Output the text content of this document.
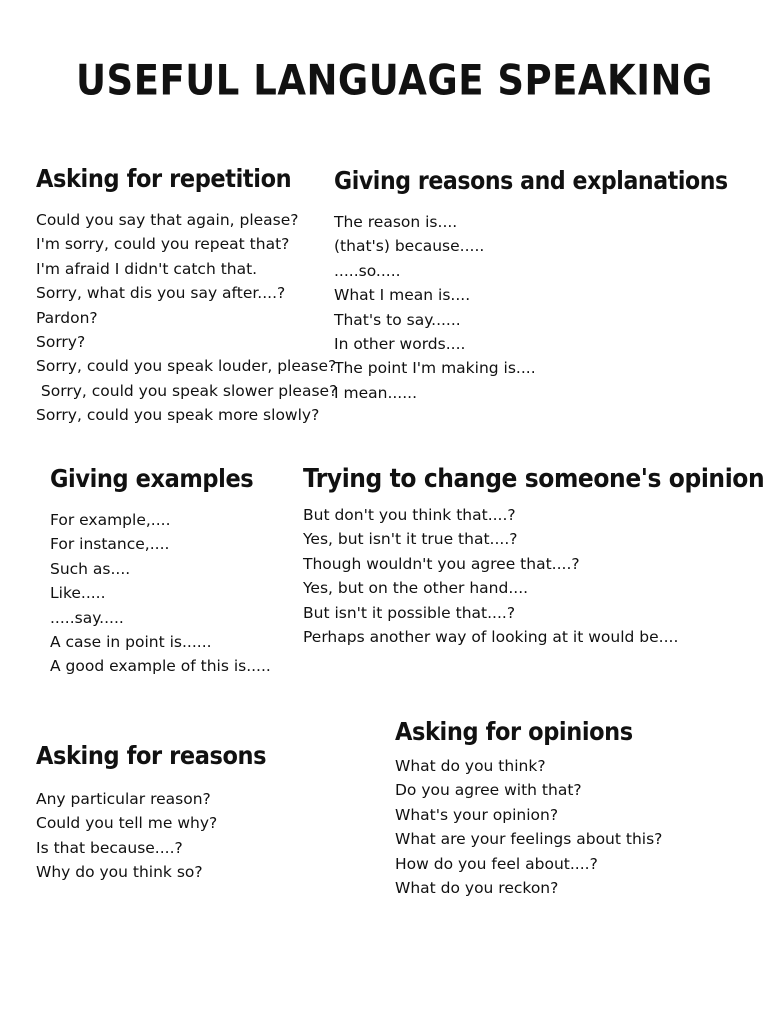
USEFUL LANGUAGE SPEAKING
Asking for repetition
Could you say that again, please?
I'm sorry, could you repeat that?
I'm afraid I didn't catch that.
Sorry, what dis you say after....?
Pardon?
Sorry?
Sorry, could you speak louder, please?
Sorry, could you speak slower please?
Sorry, could you speak more slowly?
Giving reasons and explanations
The reason is....
(that's) because.....
.....so.....
What I mean is....
That's to say......
In other words....
The point I'm making is....
I mean......
Giving examples
For example,....
For instance,....
Such as....
Like.....
.....say.....
A case in point is......
A good example of this is.....
Trying to change someone's opinion
But don't you think that....?
Yes, but isn't it true that....?
Though wouldn't you agree that....?
Yes, but on the other hand....
But isn't it possible that....?
Perhaps another way of looking at it would be....
Asking for reasons
Any particular reason?
Could you tell me why?
Is that because....?
Why do you think so?
Asking for opinions
What do you think?
Do you agree with that?
What's your opinion?
What are your feelings about this?
How do you feel about....?
What do you reckon?
